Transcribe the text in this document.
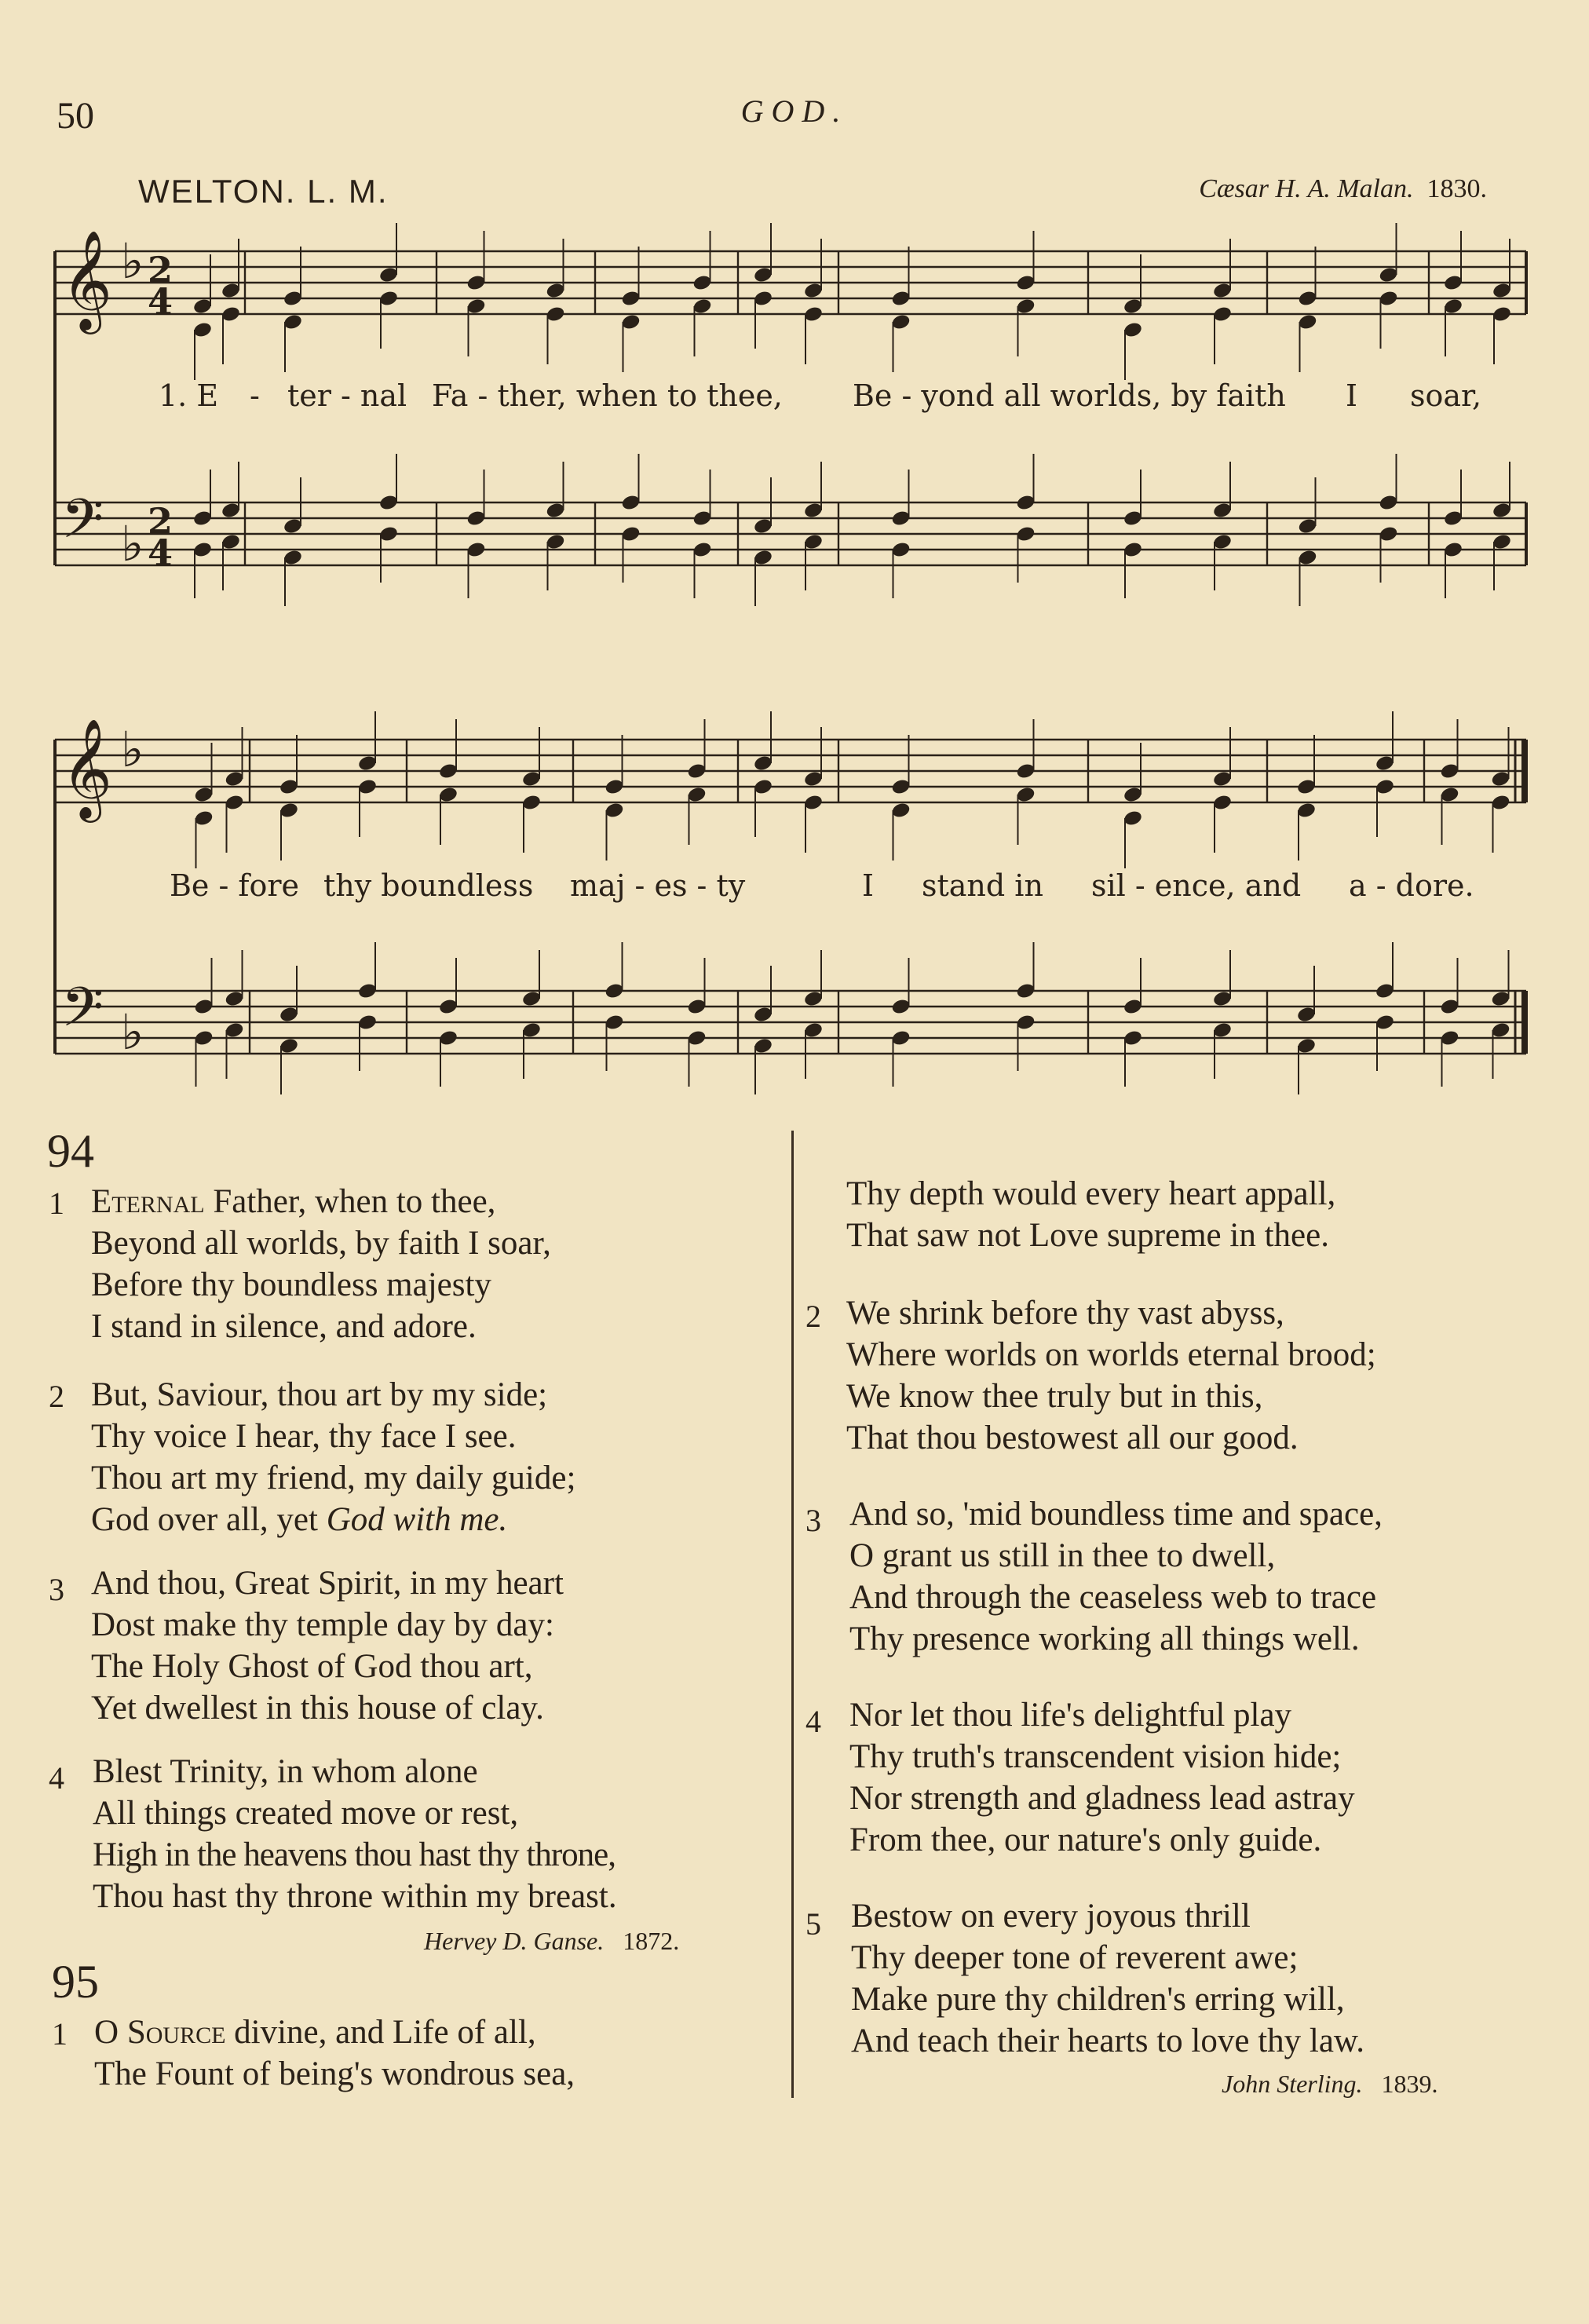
50	GOD.
WELTON. L. M.	Cæsar H. A. Malan. 1830.
𝄞 ♭ 2
4
𝄢 ♭ 2
4
𝄞 ♭
𝄢 ♭
1. E - ter - nal Fa - ther, when to thee, Be - yond all worlds, by faith I soar,
Be - fore thy boundless maj - es - ty	I stand in sil - ence, and a - dore.
94
1 Eternal Father, when to thee,
Beyond all worlds, by faith I soar,
Before thy boundless majesty
I stand in silence, and adore.
2 But, Saviour, thou art by my side;
Thy voice I hear, thy face I see.
Thou art my friend, my daily guide;
God over all, yet God with me.
3 And thou, Great Spirit, in my heart
Dost make thy temple day by day:
The Holy Ghost of God thou art,
Yet dwellest in this house of clay.
4 Blest Trinity, in whom alone
All things created move or rest,
High in the heavens thou hast thy throne,
Thou hast thy throne within my breast.
Hervey D. Ganse. 1872.
95
1 O Source divine, and Life of all,
The Fount of being's wondrous sea,
Thy depth would every heart appall,
That saw not Love supreme in thee.
2 We shrink before thy vast abyss,
Where worlds on worlds eternal brood;
We know thee truly but in this,
That thou bestowest all our good.
3 And so, 'mid boundless time and space,
O grant us still in thee to dwell,
And through the ceaseless web to trace
Thy presence working all things well.
4 Nor let thou life's delightful play
Thy truth's transcendent vision hide;
Nor strength and gladness lead astray
From thee, our nature's only guide.
5 Bestow on every joyous thrill
Thy deeper tone of reverent awe;
Make pure thy children's erring will,
And teach their hearts to love thy law.
John Sterling. 1839.
